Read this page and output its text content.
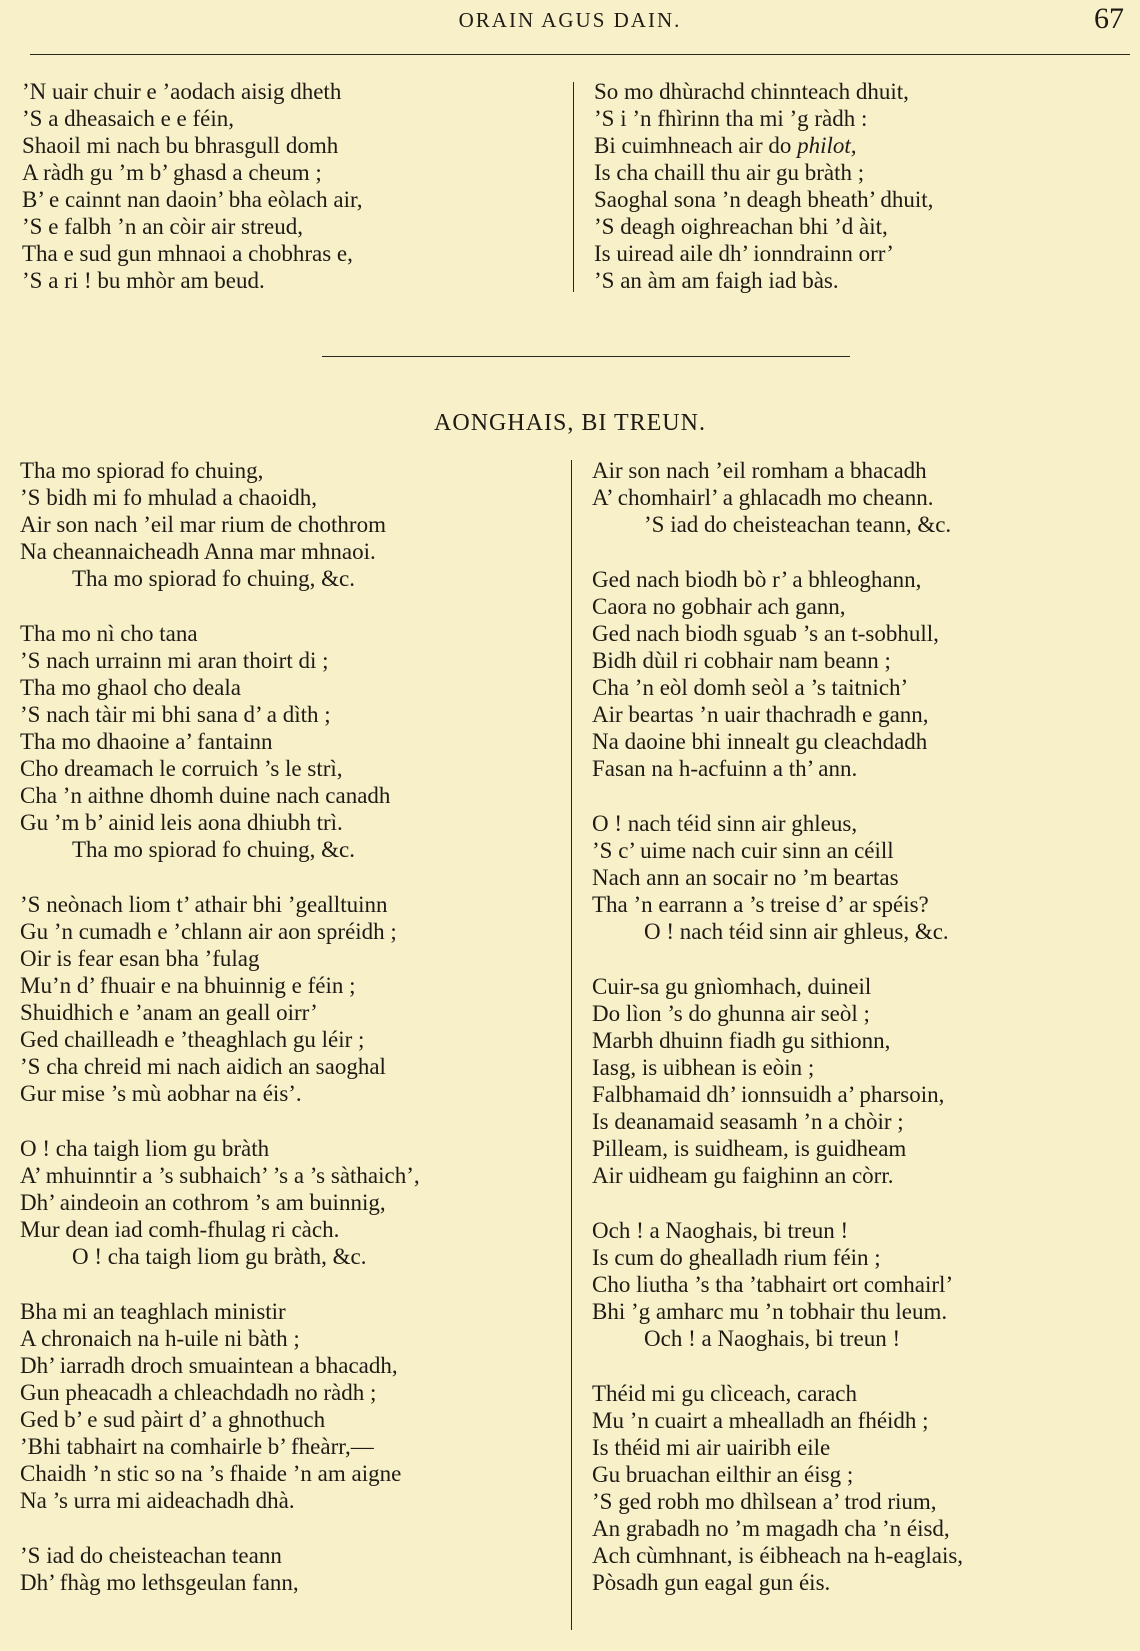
ORAIN AGUS DAIN.	67
’N uair chuir e ’aodach aisig dheth
’S a dheasaich e e féin,
Shaoil mi nach bu bhrasgull domh
A ràdh gu ’m b’ ghasd a cheum ;
B’ e cainnt nan daoin’ bha eòlach air,
’S e falbh ’n an còir air streud,
Tha e sud gun mhnaoi a chobhras e,
’S a ri ! bu mhòr am beud.
So mo dhùrachd chinnteach dhuit,
’S i ’n fhìrinn tha mi ’g ràdh :
Bi cuimhneach air do philot,
Is cha chaill thu air gu bràth ;
Saoghal sona ’n deagh bheath’ dhuit,
’S deagh oighreachan bhi ’d àit,
Is uiread aile dh’ ionndrainn orr’
’S an àm am faigh iad bàs.
AONGHAIS, BI TREUN.
Tha mo spiorad fo chuing,
’S bidh mi fo mhulad a chaoidh,
Air son nach ’eil mar rium de chothrom
Na cheannaicheadh Anna mar mhnaoi.
Tha mo spiorad fo chuing, &c.
Tha mo nì cho tana
’S nach urrainn mi aran thoirt di ;
Tha mo ghaol cho deala
’S nach tàir mi bhi sana d’ a dìth ;
Tha mo dhaoine a’ fantainn
Cho dreamach le corruich ’s le strì,
Cha ’n aithne dhomh duine nach canadh
Gu ’m b’ ainid leis aona dhiubh trì.
Tha mo spiorad fo chuing, &c.
’S neònach liom t’ athair bhi ’gealltuinn
Gu ’n cumadh e ’chlann air aon spréidh ;
Oir is fear esan bha ’fulag
Mu’n d’ fhuair e na bhuinnig e féin ;
Shuidhich e ’anam an geall oirr’
Ged chailleadh e ’theaghlach gu léir ;
’S cha chreid mi nach aidich an saoghal
Gur mise ’s mù aobhar na éis’.
O ! cha taigh liom gu bràth
A’ mhuinntir a ’s subhaich’ ’s a ’s sàthaich’,
Dh’ aindeoin an cothrom ’s am buinnig,
Mur dean iad comh-fhulag ri càch.
O ! cha taigh liom gu bràth, &c.
Bha mi an teaghlach ministir
A chronaich na h-uile ni bàth ;
Dh’ iarradh droch smuaintean a bhacadh,
Gun pheacadh a chleachdadh no ràdh ;
Ged b’ e sud pàirt d’ a ghnothuch
’Bhi tabhairt na comhairle b’ fheàrr,—
Chaidh ’n stic so na ’s fhaide ’n am aigne
Na ’s urra mi aideachadh dhà.
’S iad do cheisteachan teann
Dh’ fhàg mo lethsgeulan fann,
Air son nach ’eil romham a bhacadh
A’ chomhairl’ a ghlacadh mo cheann.
’S iad do cheisteachan teann, &c.
Ged nach biodh bò r’ a bhleoghann,
Caora no gobhair ach gann,
Ged nach biodh sguab ’s an t-sobhull,
Bidh dùil ri cobhair nam beann ;
Cha ’n eòl domh seòl a ’s taitnich’
Air beartas ’n uair thachradh e gann,
Na daoine bhi innealt gu cleachdadh
Fasan na h-acfuinn a th’ ann.
O ! nach téid sinn air ghleus,
’S c’ uime nach cuir sinn an céill
Nach ann an socair no ’m beartas
Tha ’n earrann a ’s treise d’ ar spéis?
O ! nach téid sinn air ghleus, &c.
Cuir-sa gu gnìomhach, duineil
Do lìon ’s do ghunna air seòl ;
Marbh dhuinn fiadh gu sithionn,
Iasg, is uibhean is eòin ;
Falbhamaid dh’ ionnsuidh a’ pharsoin,
Is deanamaid seasamh ’n a chòir ;
Pilleam, is suidheam, is guidheam
Air uidheam gu faighinn an còrr.
Och ! a Naoghais, bi treun !
Is cum do ghealladh rium féin ;
Cho liutha ’s tha ’tabhairt ort comhairl’
Bhi ’g amharc mu ’n tobhair thu leum.
Och ! a Naoghais, bi treun !
Théid mi gu clìceach, carach
Mu ’n cuairt a mhealladh an fhéidh ;
Is théid mi air uairibh eile
Gu bruachan eilthir an éisg ;
’S ged robh mo dhìlsean a’ trod rium,
An grabadh no ’m magadh cha ’n éisd,
Ach cùmhnant, is éibheach na h-eaglais,
Pòsadh gun eagal gun éis.
